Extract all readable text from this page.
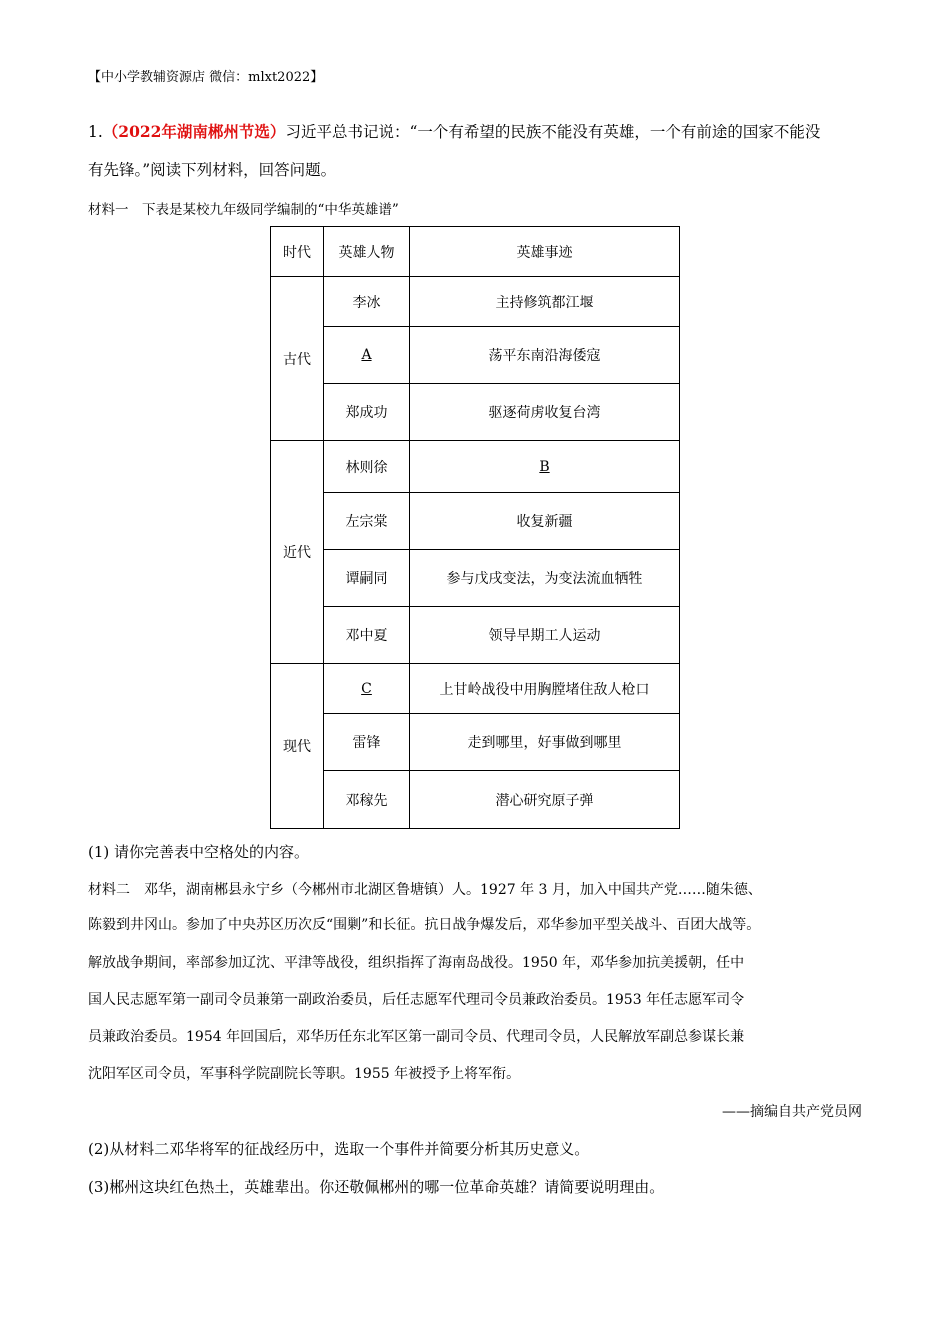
【中小学教辅资源店 微信：mlxt2022】
1.（2022年湖南郴州节选）习近平总书记说：“一个有希望的民族不能没有英雄，一个有前途的国家不能没
有先锋。”阅读下列材料，回答问题。
材料一　下表是某校九年级同学编制的“中华英雄谱”
时代	英雄人物	英雄事迹
古代	李冰	主持修筑都江堰
	A	荡平东南沿海倭寇
	郑成功	驱逐荷虏收复台湾
近代	林则徐	B
	左宗棠	收复新疆
	谭嗣同	参与戊戌变法，为变法流血牺牲
	邓中夏	领导早期工人运动
现代	C	上甘岭战役中用胸膛堵住敌人枪口
	雷锋	走到哪里，好事做到哪里
	邓稼先	潜心研究原子弹
(1) 请你完善表中空格处的内容。
材料二　邓华，湖南郴县永宁乡（今郴州市北湖区鲁塘镇）人。1927 年 3 月，加入中国共产党……随朱德、
陈毅到井冈山。参加了中央苏区历次反“围剿”和长征。抗日战争爆发后，邓华参加平型关战斗、百团大战等。
解放战争期间，率部参加辽沈、平津等战役，组织指挥了海南岛战役。1950 年，邓华参加抗美援朝，任中
国人民志愿军第一副司令员兼第一副政治委员，后任志愿军代理司令员兼政治委员。1953 年任志愿军司令
员兼政治委员。1954 年回国后，邓华历任东北军区第一副司令员、代理司令员，人民解放军副总参谋长兼
沈阳军区司令员，军事科学院副院长等职。1955 年被授予上将军衔。
——摘编自共产党员网
(2)从材料二邓华将军的征战经历中，选取一个事件并简要分析其历史意义。
(3)郴州这块红色热土，英雄辈出。你还敬佩郴州的哪一位革命英雄？请简要说明理由。
